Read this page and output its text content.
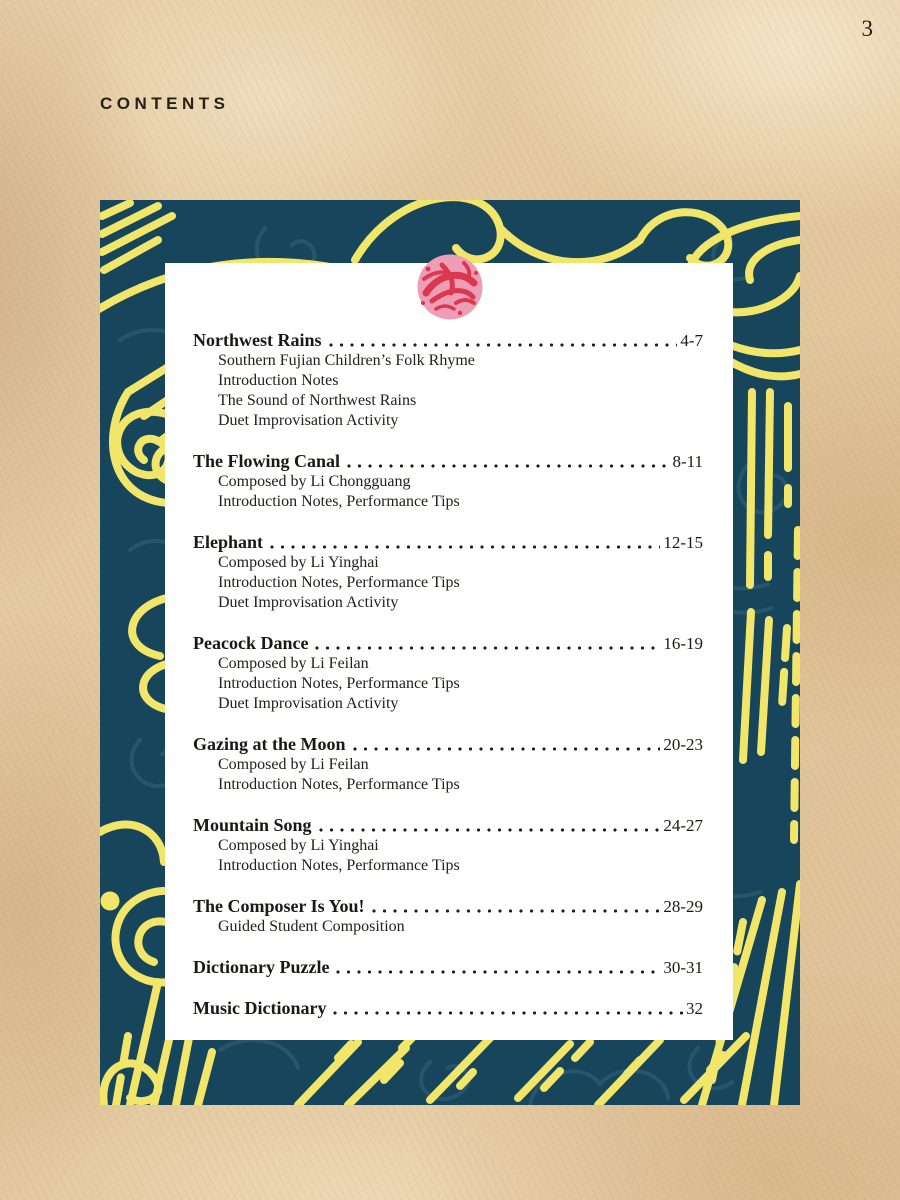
3
CONTENTS
Northwest Rains	4-7
Southern Fujian Children’s Folk Rhyme
Introduction Notes
The Sound of Northwest Rains
Duet Improvisation Activity
The Flowing Canal	8-11
Composed by Li Chongguang
Introduction Notes, Performance Tips
Elephant	12-15
Composed by Li Yinghai
Introduction Notes, Performance Tips
Duet Improvisation Activity
Peacock Dance	16-19
Composed by Li Feilan
Introduction Notes, Performance Tips
Duet Improvisation Activity
Gazing at the Moon	20-23
Composed by Li Feilan
Introduction Notes, Performance Tips
Mountain Song	24-27
Composed by Li Yinghai
Introduction Notes, Performance Tips
The Composer Is You!	28-29
Guided Student Composition
Dictionary Puzzle	30-31
Music Dictionary	32
